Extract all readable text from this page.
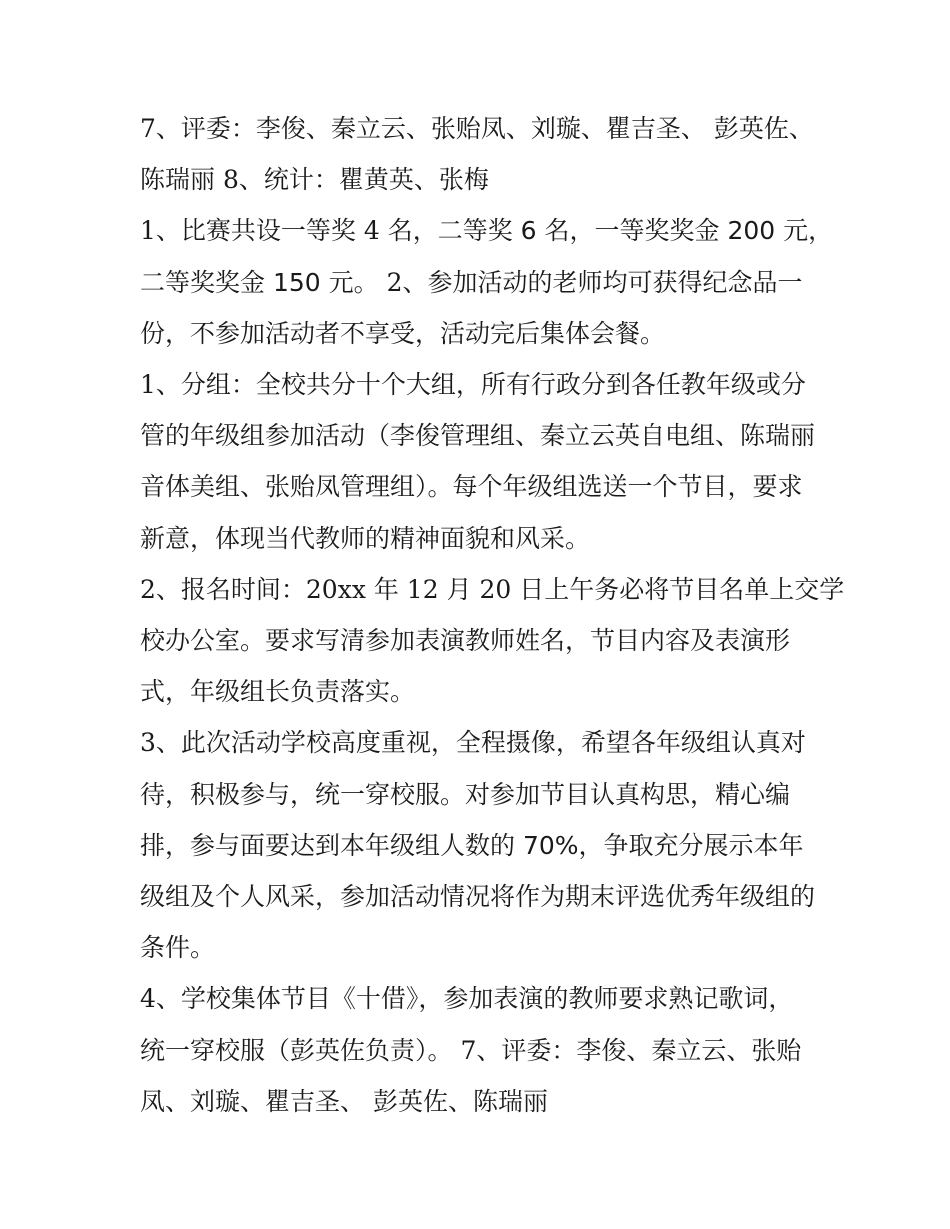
7、评委：李俊、秦立云、张贻凤、刘璇、瞿吉圣、 彭英佐、
陈瑞丽 8、统计：瞿黄英、张梅
1、比赛共设一等奖 4 名，二等奖 6 名，一等奖奖金 200 元，
二等奖奖金 150 元。 2、参加活动的老师均可获得纪念品一
份，不参加活动者不享受，活动完后集体会餐。
1、分组：全校共分十个大组，所有行政分到各任教年级或分
管的年级组参加活动（李俊管理组、秦立云英自电组、陈瑞丽
音体美组、张贻凤管理组）。每个年级组选送一个节目，要求
新意，体现当代教师的精神面貌和风采。
2、报名时间：20xx 年 12 月 20 日上午务必将节目名单上交学
校办公室。要求写清参加表演教师姓名，节目内容及表演形
式，年级组长负责落实。
3、此次活动学校高度重视，全程摄像，希望各年级组认真对
待，积极参与，统一穿校服。对参加节目认真构思，精心编
排，参与面要达到本年级组人数的 70%，争取充分展示本年
级组及个人风采，参加活动情况将作为期末评选优秀年级组的
条件。
4、学校集体节目《十借》，参加表演的教师要求熟记歌词，
统一穿校服（彭英佐负责）。 7、评委：李俊、秦立云、张贻
凤、刘璇、瞿吉圣、 彭英佐、陈瑞丽
